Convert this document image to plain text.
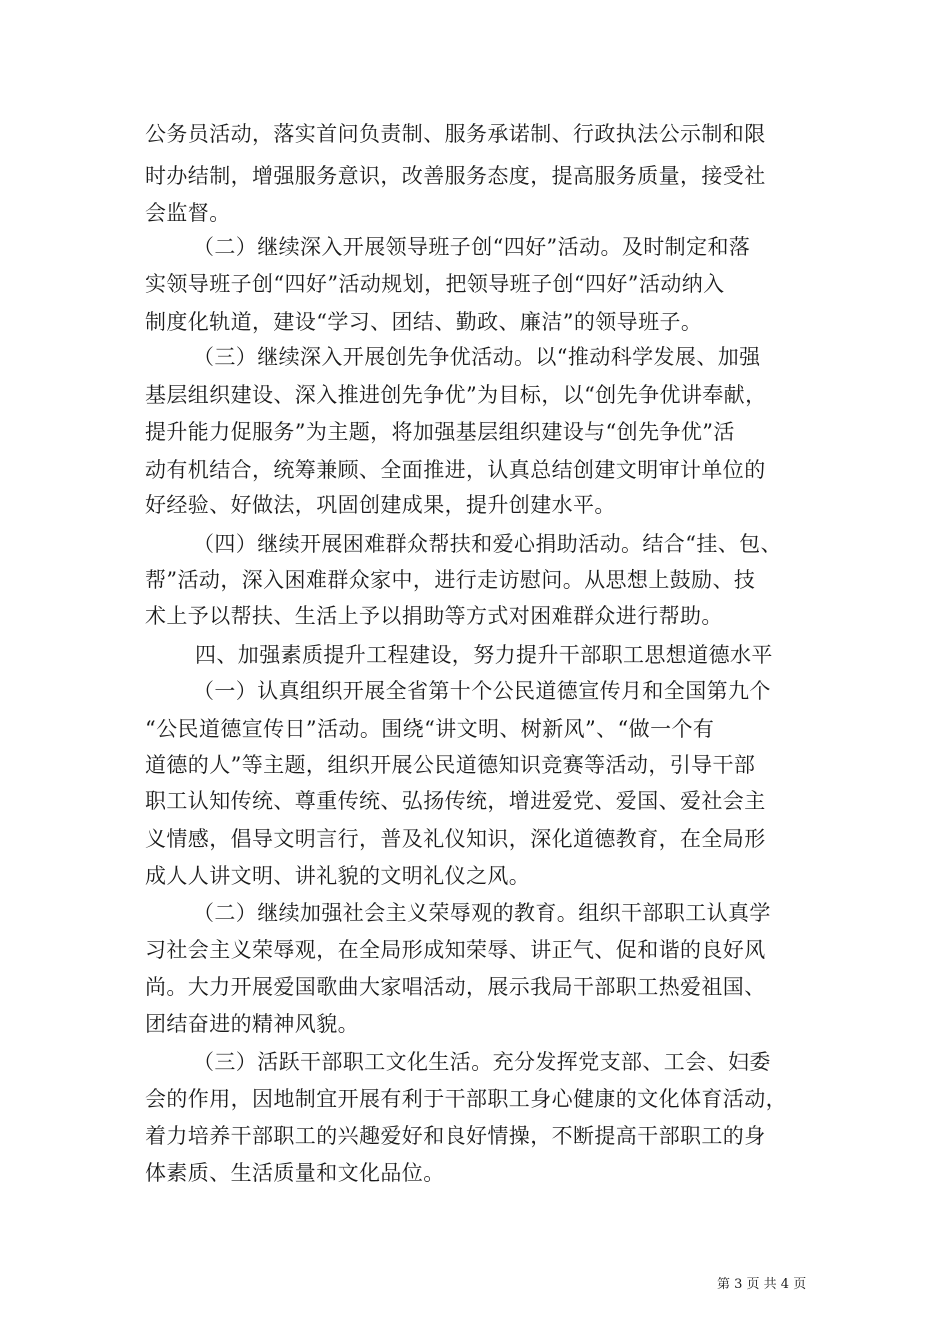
公务员活动，落实首问负责制、服务承诺制、行政执法公示制和限
时办结制，增强服务意识，改善服务态度，提高服务质量，接受社
会监督。
（二）继续深入开展领导班子创“四好”活动。及时制定和落
实领导班子创“四好”活动规划，把领导班子创“四好”活动纳入
制度化轨道，建设“学习、团结、勤政、廉洁”的领导班子。
（三）继续深入开展创先争优活动。以“推动科学发展、加强
基层组织建设、深入推进创先争优”为目标，以“创先争优讲奉献，
提升能力促服务”为主题，将加强基层组织建设与“创先争优”活
动有机结合，统筹兼顾、全面推进，认真总结创建文明审计单位的
好经验、好做法，巩固创建成果，提升创建水平。
（四）继续开展困难群众帮扶和爱心捐助活动。结合“挂、包、
帮”活动，深入困难群众家中，进行走访慰问。从思想上鼓励、技
术上予以帮扶、生活上予以捐助等方式对困难群众进行帮助。
四、加强素质提升工程建设，努力提升干部职工思想道德水平
（一）认真组织开展全省第十个公民道德宣传月和全国第九个
“公民道德宣传日”活动。围绕“讲文明、树新风”、“做一个有
道德的人”等主题，组织开展公民道德知识竞赛等活动，引导干部
职工认知传统、尊重传统、弘扬传统，增进爱党、爱国、爱社会主
义情感，倡导文明言行，普及礼仪知识，深化道德教育，在全局形
成人人讲文明、讲礼貌的文明礼仪之风。
（二）继续加强社会主义荣辱观的教育。组织干部职工认真学
习社会主义荣辱观，在全局形成知荣辱、讲正气、促和谐的良好风
尚。大力开展爱国歌曲大家唱活动，展示我局干部职工热爱祖国、
团结奋进的精神风貌。
（三）活跃干部职工文化生活。充分发挥党支部、工会、妇委
会的作用，因地制宜开展有利于干部职工身心健康的文化体育活动，
着力培养干部职工的兴趣爱好和良好情操，不断提高干部职工的身
体素质、生活质量和文化品位。
第 3 页 共 4 页
